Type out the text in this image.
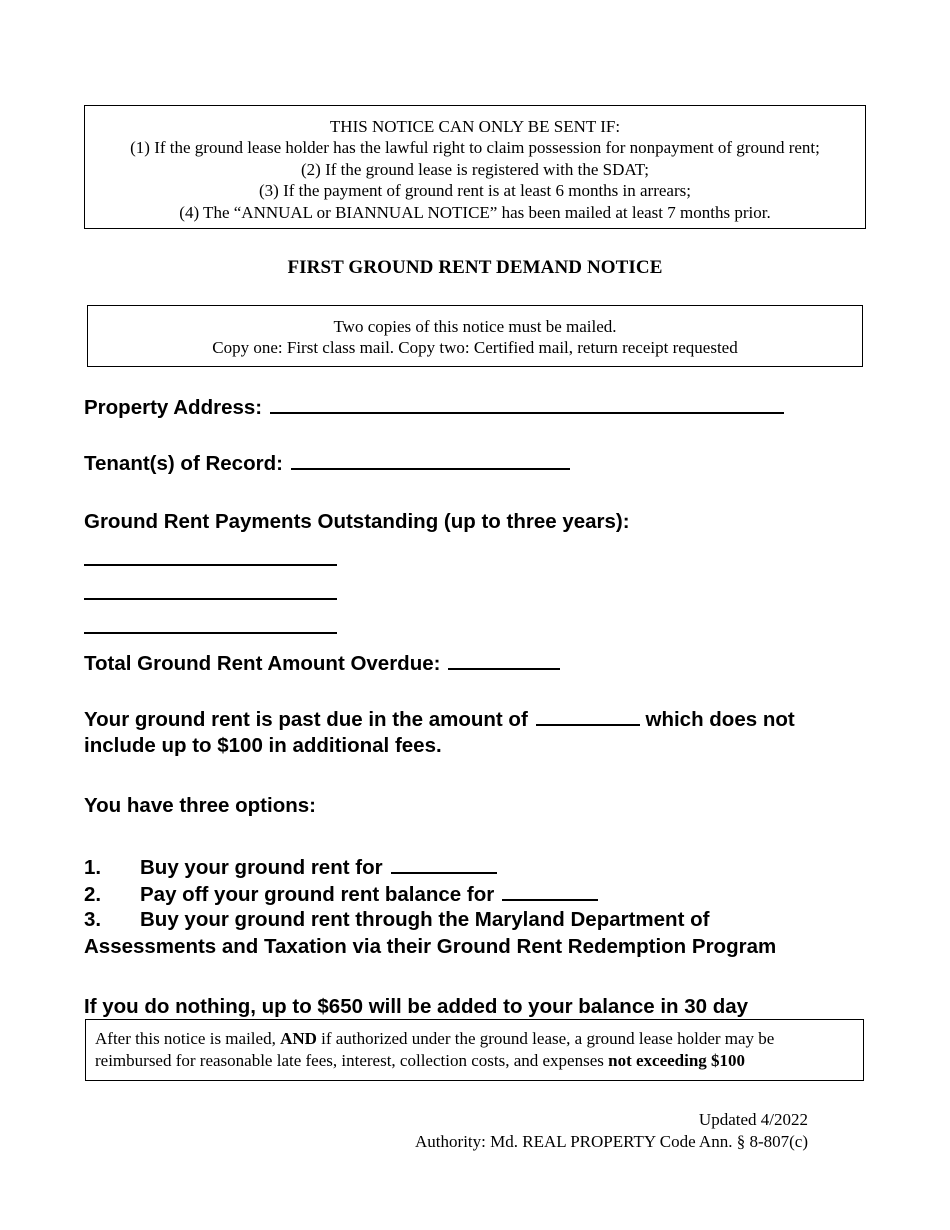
THIS NOTICE CAN ONLY BE SENT IF:
(1) If the ground lease holder has the lawful right to claim possession for nonpayment of ground rent;
(2) If the ground lease is registered with the SDAT;
(3) If the payment of ground rent is at least 6 months in arrears;
(4) The “ANNUAL or BIANNUAL NOTICE” has been mailed at least 7 months prior.
FIRST GROUND RENT DEMAND NOTICE
Two copies of this notice must be mailed.
Copy one: First class mail. Copy two: Certified mail, return receipt requested
Property Address:
Tenant(s) of Record:
Ground Rent Payments Outstanding (up to three years):
Total Ground Rent Amount Overdue:
Your ground rent is past due in the amount of	which does not
include up to $100 in additional fees.
You have three options:
1. Buy your ground rent for
2. Pay off your ground rent balance for
3. Buy your ground rent through the Maryland Department of
Assessments and Taxation via their Ground Rent Redemption Program
If you do nothing, up to $650 will be added to your balance in 30 day
After this notice is mailed, AND if authorized under the ground lease, a ground lease holder may be
reimbursed for reasonable late fees, interest, collection costs, and expenses not exceeding $100
Updated 4/2022
Authority: Md. REAL PROPERTY Code Ann. § 8-807(c)
